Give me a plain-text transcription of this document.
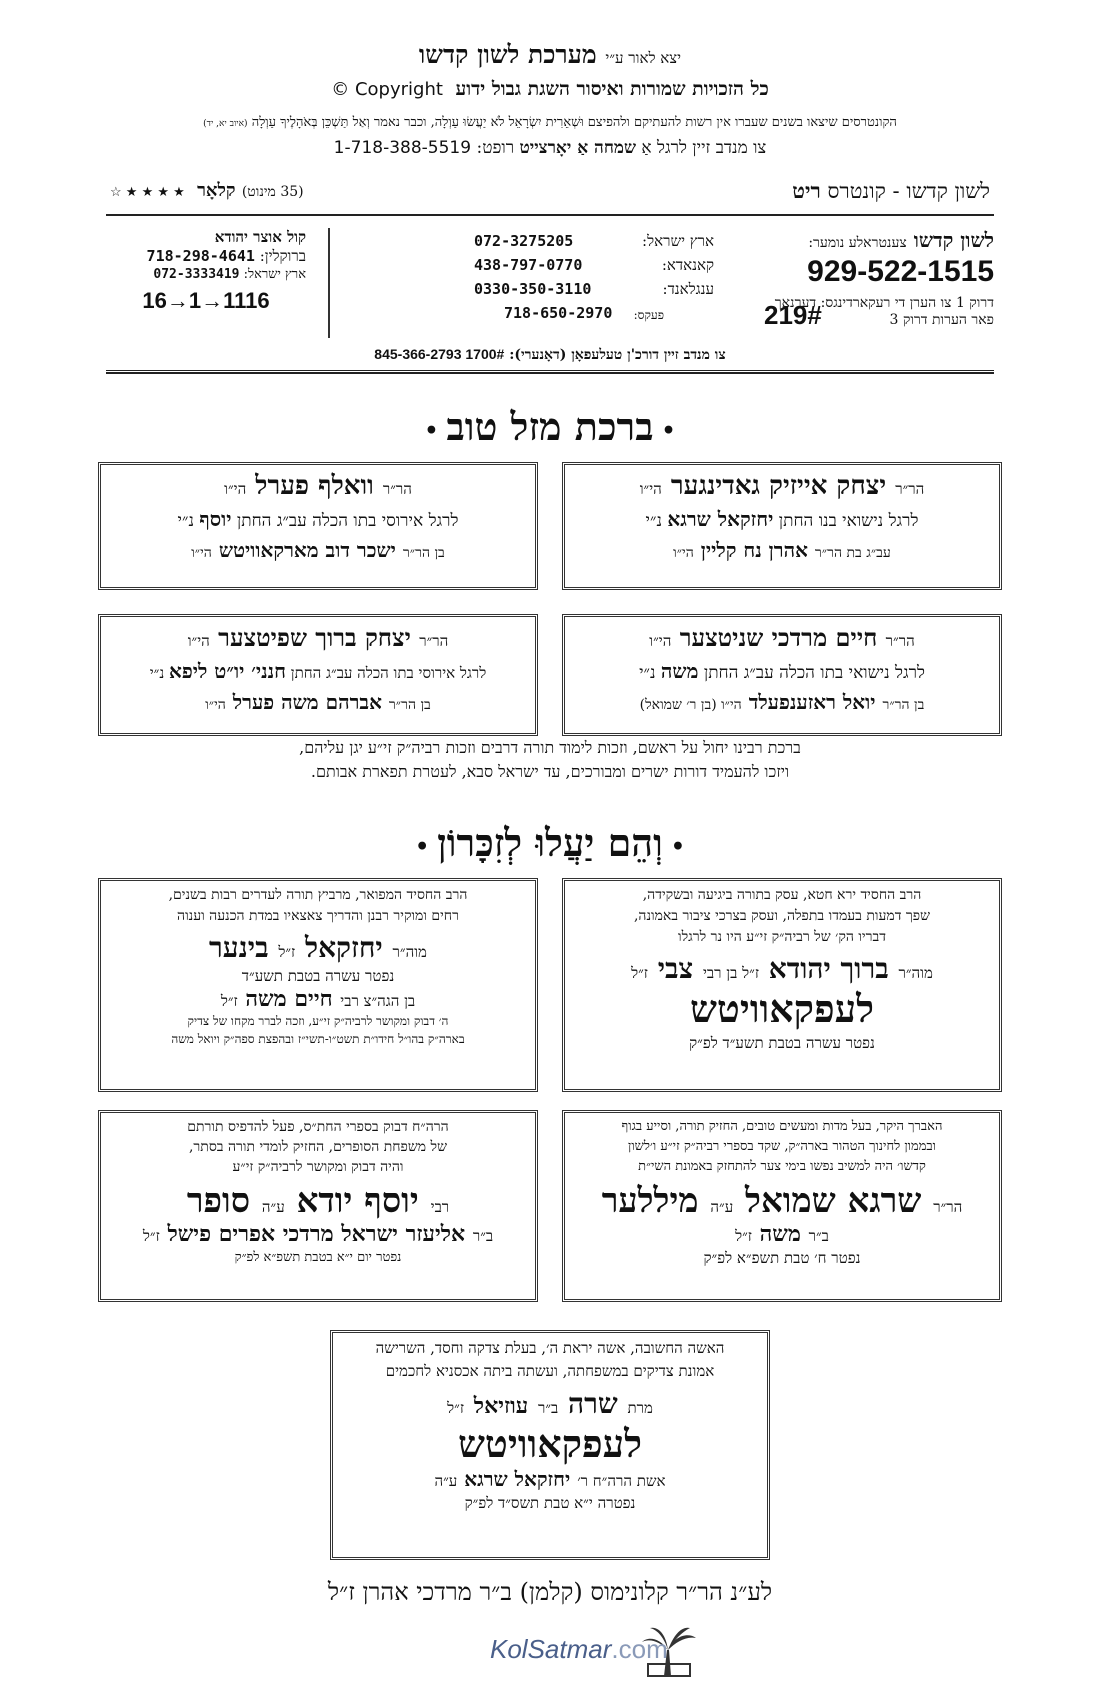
יצא לאור ע״י מערכת לשון קדשו
כל הזכויות שמורות ואיסור השגת גבול ידוע Copyright ©
הקונטרסים שיצאו בשנים שעברו אין רשות להעתיקם ולהפיצם וּשְׁאֵרִית יִשְׂרָאֵל לֹא יַעֲשׂוּ עַוְלָה, וכבר נאמר וְאַל תַּשְׁכֵּן בְּאֹהָלֶיךָ עַוְלָה (איוב יא, יד)
צו מנדב זיין לרגל אַ שמחה אַ יאָרצייט רופט: 1-718-388-5519
לשון קדשו - קונטרס ריט
(35 מינוט) קלאָר ★ ★ ★ ★ ☆
לשון קדשו צענטראלע נומער:
929-522-1515
דרוק 1 צו הערן די רעקארדינגס: דערנאך
פאר הערות דרוק 3
219#
ארץ ישראל:
072-3275205
קאנאדא:
438-797-0770
ענגלאנד:
0330-350-3110
פעקס:
718-650-2970
קול אוצר יהודא
ברוקלין: 718-298-4641
ארץ ישראל: 072-3333419
16→1→1116
צו מנדב זיין דורכ'ן טעלעפאָן (דאָנערי): 845-366-2793 1700#
•ברכת מזל טוב•
הר״ר יצחק אייזיק גאדינגער הי״ו
לרגל נישואי בנו החתן יחזקאל שרגא נ״י
עב״ג בת הר״ר אהרן נח קליין הי״ו
הר״ר וואלף פערל הי״ו
לרגל אירוסי בתו הכלה עב״ג החתן יוסף נ״י
בן הר״ר ישכר דוב מארקאוויטש הי״ו
הר״ר חיים מרדכי שניטצער הי״ו
לרגל נישואי בתו הכלה עב״ג החתן משה נ״י
בן הר״ר יואל ראזענפעלד הי״ו (בן ר׳ שמואל)
הר״ר יצחק ברוך שפיטצער הי״ו
לרגל אירוסי בתו הכלה עב״ג החתן חנני׳ יו״ט ליפא נ״י
בן הר״ר אברהם משה פערל הי״ו
ברכת רבינו יחול על ראשם, וזכות לימוד תורה דרבים וזכות רביה״ק זי״ע יגן עליהם,
ויזכו להעמיד דורות ישרים ומבורכים, עד ישראל סבא, לעטרת תפארת אבותם.
•וְהֵם יַעֲלוּ לְזִכָּרוֹן•
הרב החסיד ירא חטא, עסק בתורה ביגיעה ובשקידה,
שפך דמעות בעמדו בתפלה, ועסק בצרכי ציבור באמונה,
דבריו הק׳ של רביה״ק זי״ע היו נר לרגלו
מוה״ר ברוך יהודא ז״ל בן רבי צבי ז״ל
לעפקאוויטש
נפטר עשרה בטבת תשע״ד לפ״ק
הרב החסיד המפואר, מרביץ תורה לעדרים רבות בשנים,
רחים ומוקיר רבנן והדריך צאצאיו במדת הכנעה וענוה
מוה״ר יחזקאל ז״ל בינער
נפטר עשרה בטבת תשע״ד
בן הגה״צ רבי חיים משה ז״ל
ה׳ דבוק ומקושר לרביה״ק זי״ע, וזכה לברר מקחו של צדיק
בארה״ק בהו״ל חידו״ת תשט״ו-תשי״ז ובהפצת ספה״ק ויואל משה
האברך היקר, בעל מדות ומעשים טובים, החזיק תורה, וסייע בגוף
ובממון לחינוך הטהור בארה״ק, שקד בספרי רביה״ק זי״ע ו׳לשון
קדשו׳ היה למשיב נפשו בימי צער להתחזק באמונת השי״ת
הר״ר שרגא שמואל ע״ה מיללער
ב״ר משה ז״ל
נפטר ח׳ טבת תשפ״א לפ״ק
הרה״ח דבוק בספרי החת״ס, פעל להדפיס תורתם
של משפחת הסופרים, החזיק לומדי תורה בסתר,
והיה דבוק ומקושר לרביה״ק זי״ע
רבי יוסף יודא ע״ה סופר
ב״ר אליעזר ישראל מרדכי אפרים פישל ז״ל
נפטר יום י״א בטבת תשפ״א לפ״ק
האשה החשובה, אשה יראת ה׳, בעלת צדקה וחסד, השרישה
אמונת צדיקים במשפחתה, ועשתה ביתה אכסניא לחכמים
מרת שרה ב״ר עוזיאל ז״ל
לעפקאוויטש
אשת הרה״ח ר׳ יחזקאל שרגא ע״ה
נפטרה י״א טבת תשס״ד לפ״ק
לע״נ הר״ר קלונימוס (קלמן) ב״ר מרדכי אהרן ז״ל
KolSatmar.com
